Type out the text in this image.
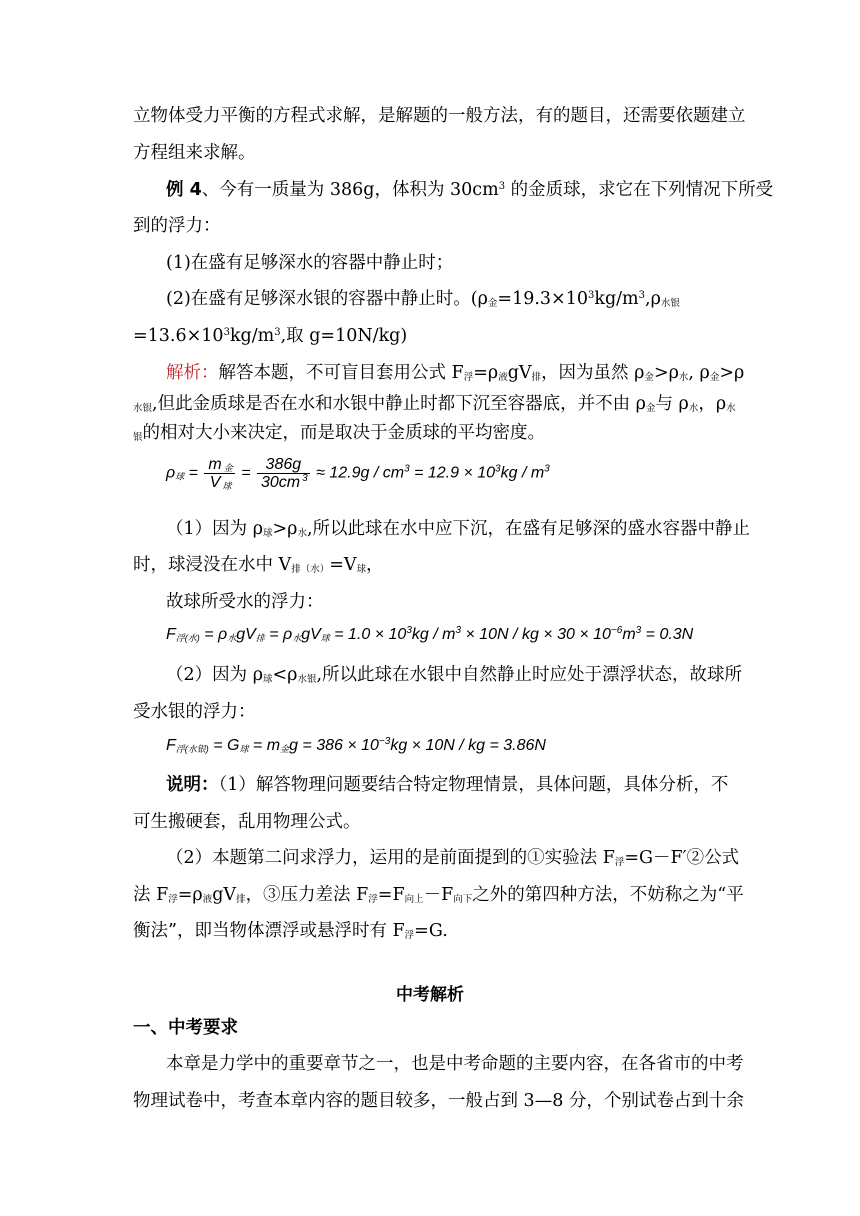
立物体受力平衡的方程式求解，是解题的一般方法，有的题目，还需要依题建立
方程组来求解。
例 4、今有一质量为 386g，体积为 $30cm^3$ 的金质球，求它在下列情况下所受
到的浮力：
(1)在盛有足够深水的容器中静止时；
(2)在盛有足够深水银的容器中静止时。($\rho_金=19.3\times 10^3kg/m^3,\rho_{水银}$
$=13.6\times 10^3kg/m^3$,取 g=10N/kg)
解析：解答本题，不可盲目套用公式 $F_浮=\rho_液gV_排$，因为虽然 $\rho_金>\rho_水$, $\rho_金>\rho$
$_{水银}$,但此金质球是否在水和水银中静止时都下沉至容器底，并不由 $\rho_金$与 $\rho_水$，$\rho_水$
$_银$的相对大小来决定，而是取决于金质球的平均密度。
$\rho_球 = \frac{m _金}{V _球} = \frac{386g}{30cm ^3} \approx 12.9g / cm^3 = 12.9 \times 10^3kg / m^3$
（1）因为 $\rho_球>\rho_水$,所以此球在水中应下沉，在盛有足够深的盛水容器中静止
时，球浸没在水中 $V_{排(水)}=V_球$，
故球所受水的浮力：
$F_{浮(水)} = \rho_水gV_排 = \rho_水gV_球 = 1.0 \times 10^3kg / m^3 \times 10N$ / kg × $30 \times 10^{-6}m^3 = 0.3N$
（2）因为 $\rho_球<\rho_{水银}$,所以此球在水银中自然静止时应处于漂浮状态，故球所
受水银的浮力：
$F_{浮(水银)} = G_球 = m_金g = 386 \times 10^{-3}kg \times 10N$ / kg = 3.86N
说明：（1）解答物理问题要结合特定物理情景，具体问题，具体分析，不
可生搬硬套，乱用物理公式。
（2）本题第二问求浮力，运用的是前面提到的①实验法 $F_浮=G-F'②$公式
法 $F_浮=\rho_液gV_排$，③压力差法 $F_浮=F_{向上}-F_{向下}$之外的第四种方法，不妨称之为“平
衡法”，即当物体漂浮或悬浮时有 $F_浮=G$.
中考解析
一、中考要求
本章是力学中的重要章节之一，也是中考命题的主要内容，在各省市的中考
物理试卷中，考查本章内容的题目较多，一般占到 3—8 分，个别试卷占到十余
